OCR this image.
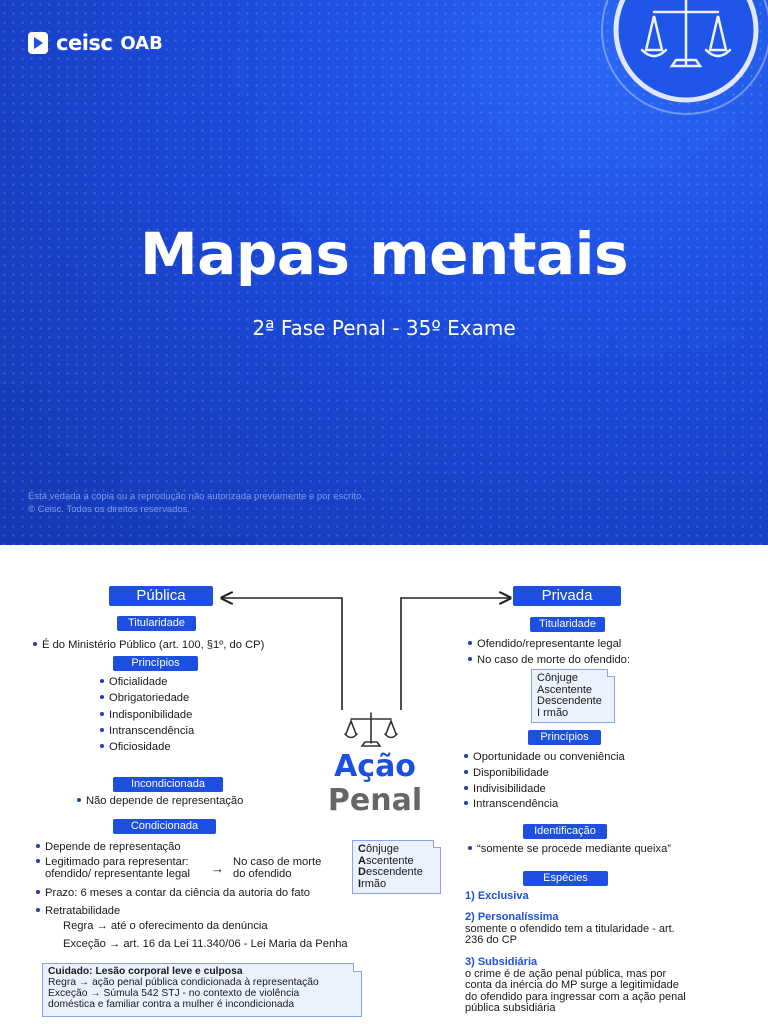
ceisc OAB
Mapas mentais
2ª Fase Penal - 35º Exame
Está vedada a cópia ou a reprodução não autorizada previamente e por escrito.
© Ceisc. Todos os direitos reservados.
Ação
Penal
Pública
Titularidade
É do Ministério Público (art. 100, §1º, do CP)
Princípios
Oficialidade
Obrigatoriedade
Indisponibilidade
Intranscendência
Oficiosidade
Incondicionada
Não depende de representação
Condicionada
Depende de representação
Legitimado para representar:
ofendido/ representante legal → No caso de morte
do ofendido
Cônjuge
Ascentente
Descendente
Irmão
Prazo: 6 meses a contar da ciência da autoria do fato
Retratabilidade
Regra → até o oferecimento da denúncia
Exceção → art. 16 da Lei 11.340/06 - Lei Maria da Penha
Cuidado: Lesão corporal leve e culposa
Regra → ação penal pública condicionada à representação
Exceção → Súmula 542 STJ - no contexto de violência
doméstica e familiar contra a mulher é incondicionada
Privada
Titularidade
Ofendido/representante legal
No caso de morte do ofendido:
Cônjuge
Ascentente
Descendente
I rmão
Princípios
Oportunidade ou conveniência
Disponibilidade
Indivisibilidade
Intranscendência
Identificação
“somente se procede mediante queixa”
Espécies
1) Exclusiva
2) Personalíssima
somente o ofendido tem a titularidade - art.
236 do CP
3) Subsidiária
o crime é de ação penal pública, mas por
conta da inércia do MP surge a legitimidade
do ofendido para ingressar com a ação penal
pública subsidiária
